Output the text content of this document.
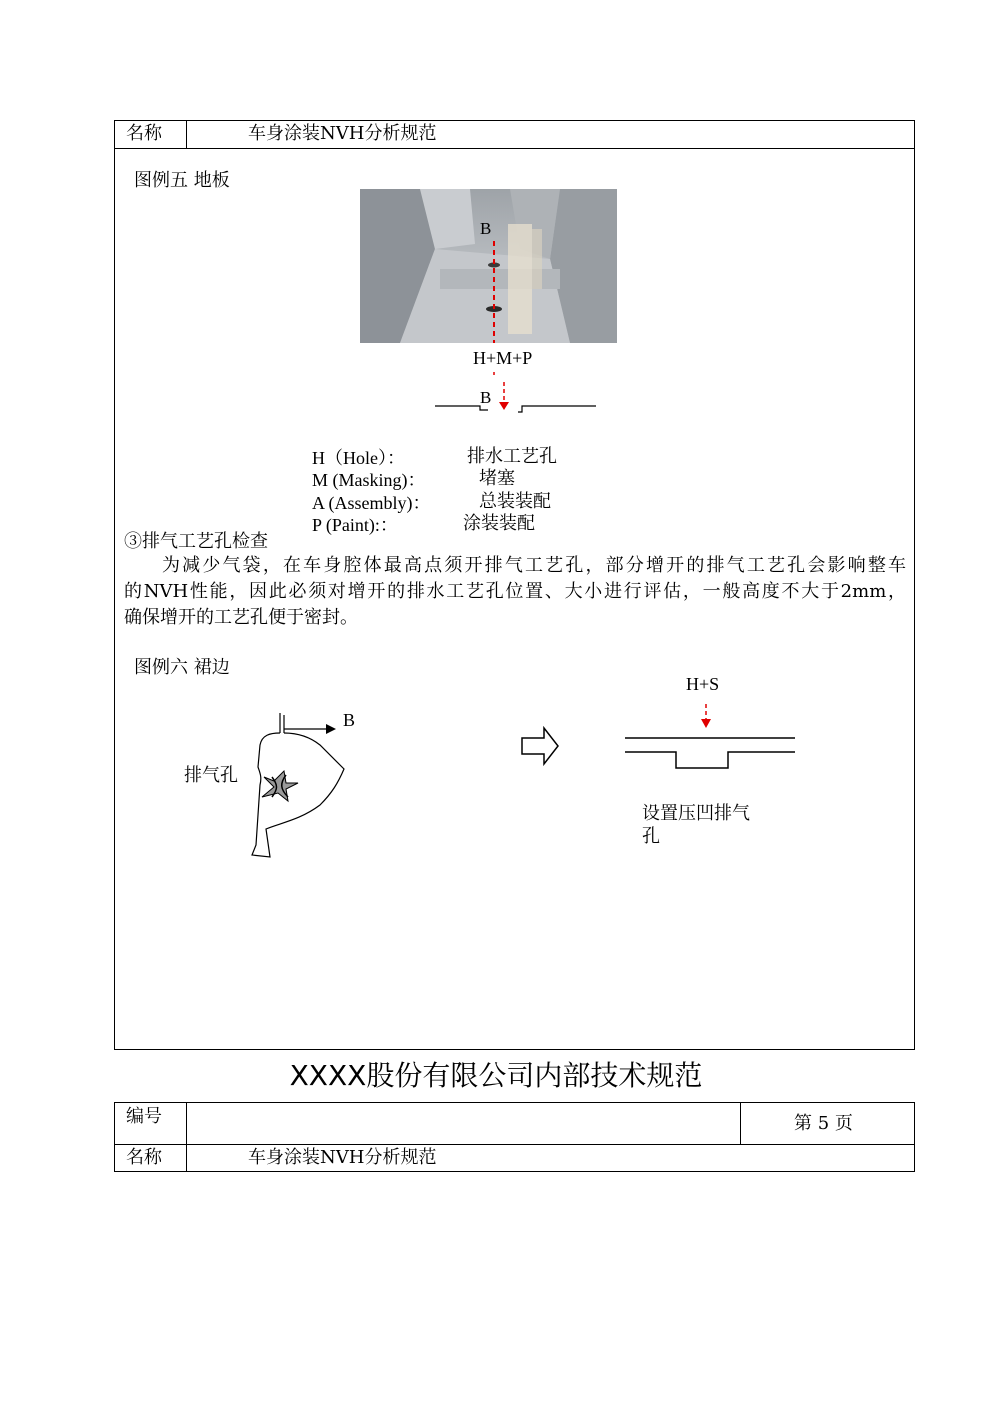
名称	车身涂装NVH分析规范
图例五 地板
B
H+M+P
B
H（Hole）：	排水工艺孔
M (Masking)：	堵塞
A (Assembly)：	总装装配
P (Paint):：	涂装装配
③排气工艺孔检查
为减少气袋，在车身腔体最高点须开排气工艺孔，部分增开的排气工艺孔会影响整车
的NVH性能，因此必须对增开的排水工艺孔位置、大小进行评估，一般高度不大于2mm，
确保增开的工艺孔便于密封。
图例六 裙边
B
排气孔
H+S
设置压凹排气
孔
XXXX股份有限公司内部技术规范
编号	第 5 页
名称	车身涂装NVH分析规范
